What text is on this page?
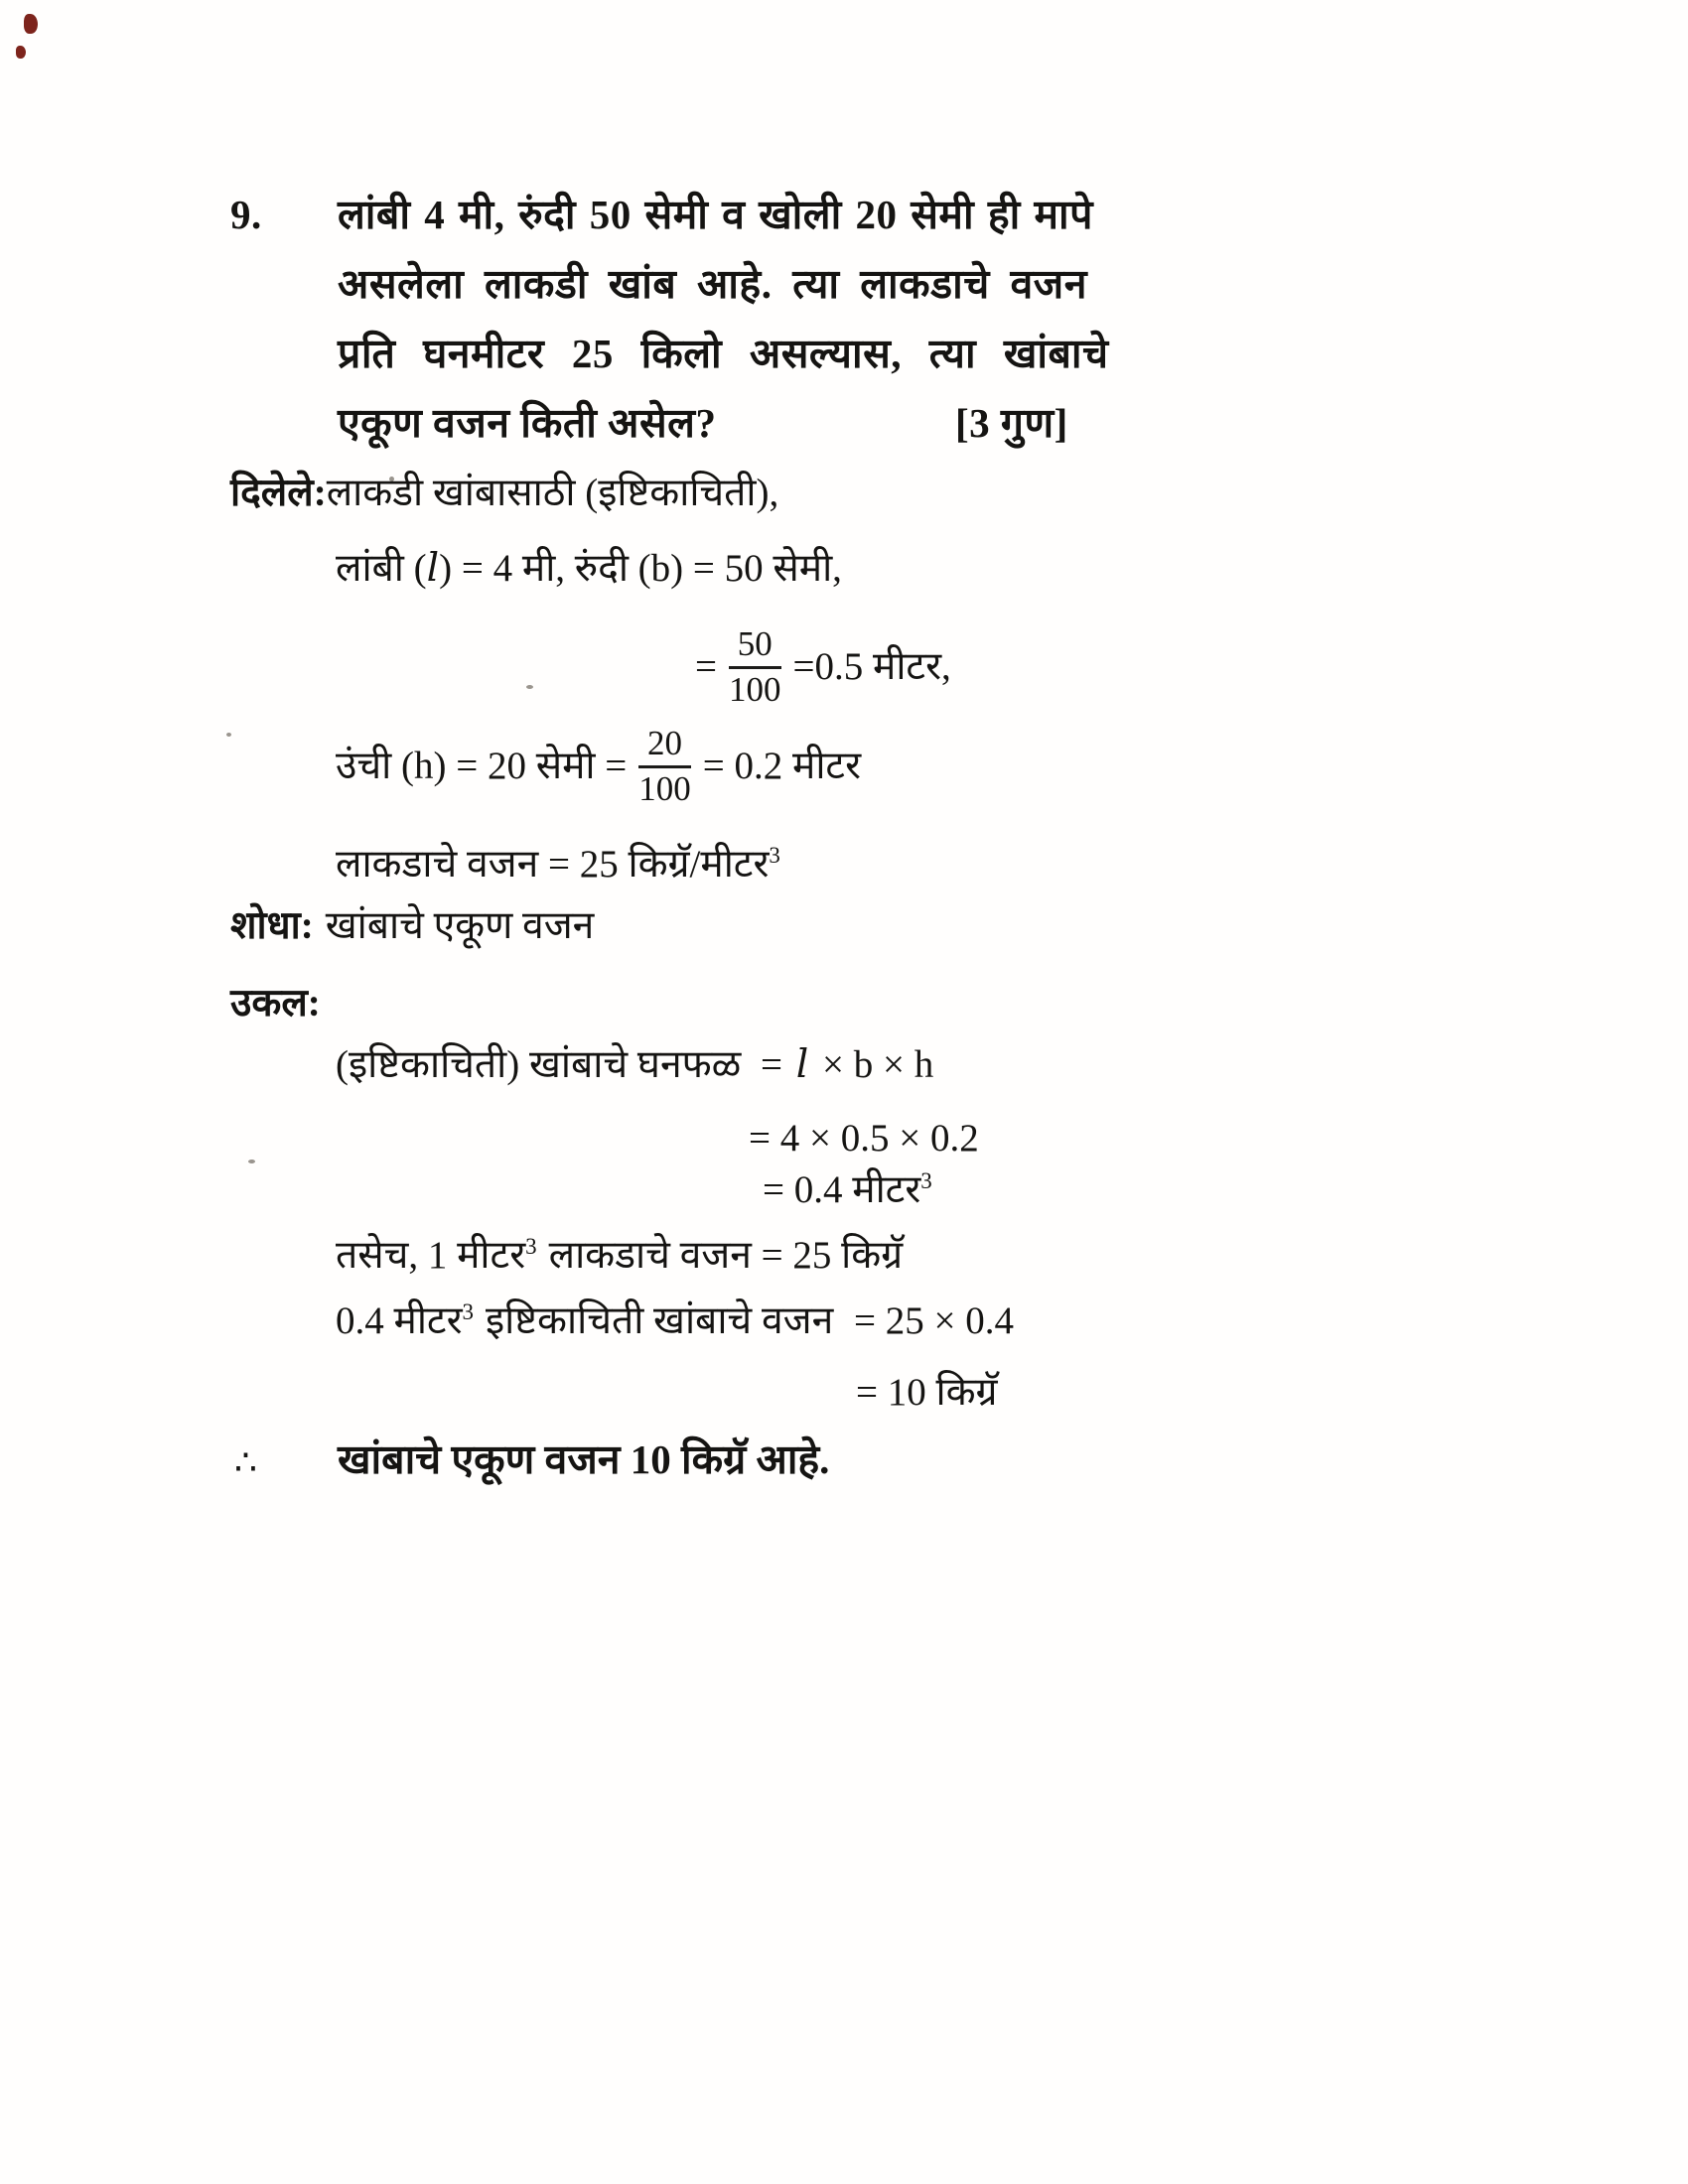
9. लांबी 4 मी, रुंदी 50 सेमी व खोली 20 सेमी ही मापे
असलेला लाकडी खांब आहे. त्या लाकडाचे वजन
प्रति घनमीटर 25 किलो असल्यास, त्या खांबाचे
एकूण वजन किती असेल?	[3 गुण]
दिलेले:लाकडी खांबासाठी (इष्टिकाचिती),
लांबी (l) = 4 मी, रुंदी (b) = 50 सेमी,
= $\frac{50}{100} =0.5$ मीटर,
उंची (h) = 20 सेमी = $\frac{20}{100} = 0.2$ मीटर
लाकडाचे वजन = 25 किग्रॅ/मीटर$^3$
शोधा: खांबाचे एकूण वजन
उकल:
(इष्टिकाचिती) खांबाचे घनफळ = l × b × h
= 4 × 0.5 × 0.2
= 0.4 मीटर$^3$
तसेच, 1 मीटर$^3$ लाकडाचे वजन = 25 किग्रॅ
0.4 मीटर$^3$ इष्टिकाचिती खांबाचे वजन = 25 × 0.4
= 10 किग्रॅ
∴ खांबाचे एकूण वजन 10 किग्रॅ आहे.
